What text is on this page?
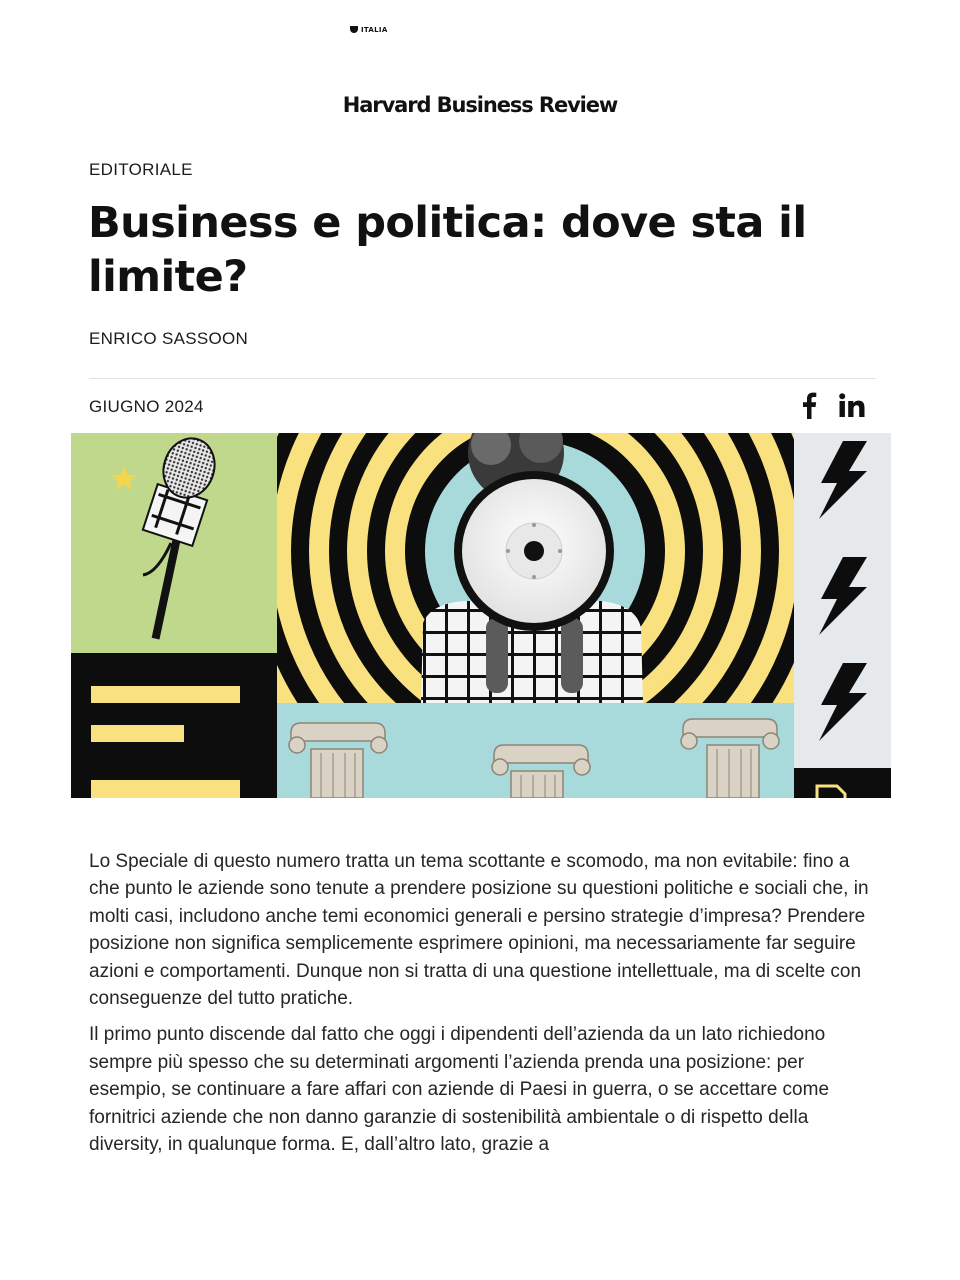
Harvard Business Review
ITALIA
EDITORIALE
Business e politica: dove sta il limite?
ENRICO SASSOON
GIUGNO 2024

Lo Speciale di questo numero tratta un tema scottante e scomodo, ma non evitabile: fino a che punto le aziende sono tenute a prendere posizione su questioni politiche e sociali che, in molti casi, includono anche temi economici generali e persino strategie d’impresa? Prendere posizione non significa semplicemente esprimere opinioni, ma necessariamente far seguire azioni e comportamenti. Dunque non si tratta di una questione intellettuale, ma di scelte con conseguenze del tutto pratiche.

Il primo punto discende dal fatto che oggi i dipendenti dell’azienda da un lato richiedono sempre più spesso che su determinati argomenti l’azienda prenda una posizione: per esempio, se continuare a fare affari con aziende di Paesi in guerra, o se accettare come fornitrici aziende che non danno garanzie di sostenibilità ambientale o di rispetto della diversity, in qualunque forma. E, dall’altro lato, grazie a
